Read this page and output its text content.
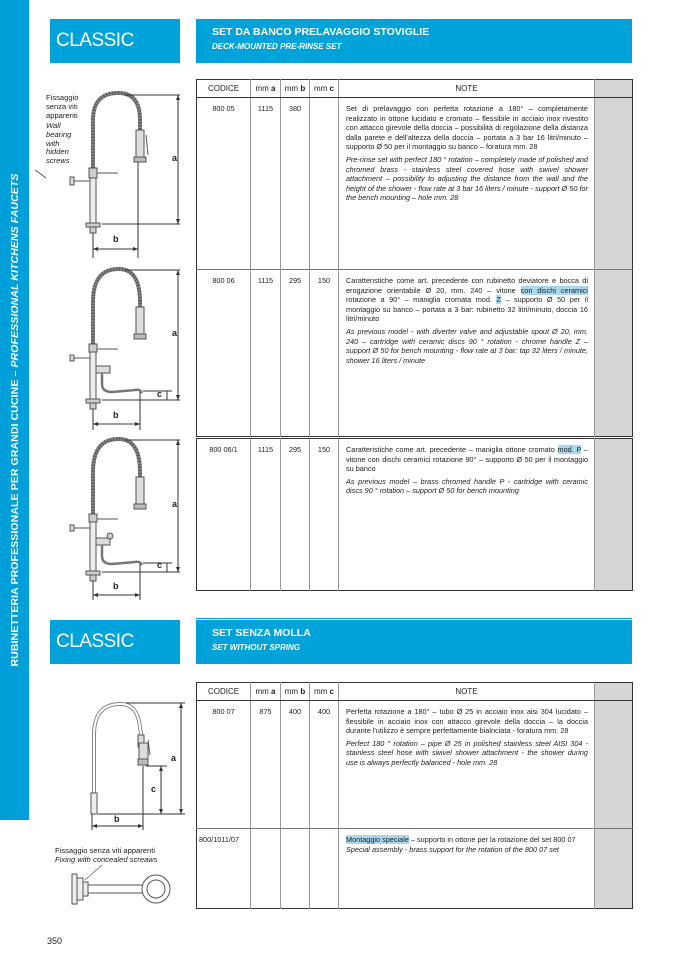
RUBINETTERIA PROFESSIONALE PER GRANDI CUCINE – PROFESSIONAL KITCHENS FAUCETS
CLASSIC	SET DA BANCO PRELAVAGGIO STOVIGLIE
DECK-MOUNTED PRE-RINSE SET
CODICE	mm a	mm b	mm c	NOTE	
800 05	1115	380		Set di prelavaggio con perfetta rotazione a 180° – completamente realizzato in ottone lucidato e cromato – flessibile in acciaio inox rivestito con attacco girevole della doccia – possibilità di regolazione della distanza dalla parete e dell'altezza della doccia – portata a 3 bar 16 litri/minuto – supporto Ø 50 per il montaggio su banco – foratura mm. 28

Pre-rinse set with perfect 180 ° rotation – completely made of polished and chromed brass - stainless steel covered hose with swivel shower attachment – possibility to adjusting the distance from the wall and the height of the shower - flow rate at 3 bar 16 liters / minute - support Ø 50 for the bench mounting – hole mm. 28	

800 06	1115	295	150	Caratteristiche come art. precedente con rubinetto deviatore e bocca di erogazione orientabile Ø 20, mm. 240 – vitone con dischi ceramici rotazione a 90° – maniglia cromata mod. Z – supporto Ø 50 per il montaggio su banco – portata a 3 bar: rubinetto 32 litri/minuto, doccia 16 litri/minuto

As previous model - with diverter valve and adjustable spout Ø 20, mm. 240 – cartridge with ceramic discs 90 ° rotation - chrome handle Z – support Ø 50 for bench mounting - flow rate at 3 bar: tap 32 liters / minute, shower 16 liters / minute	

800 06/1	1115	295	150	Caratteristiche come art. precedente – maniglia ottone cromato mod. P – vitone con dischi ceramici rotazione 90° – supporto Ø 50 per il montaggio su banco

As previous model – brass chromed handle P - cartridge with ceramic discs 90 ° rotation – support Ø 50 for bench mounting

CLASSIC	SET SENZA MOLLA
SET WITHOUT SPRING
CODICE	mm a	mm b	mm c	NOTE	
800 07	875	400	400	Perfetta rotazione a 180° – tubo Ø 25 in acciaio inox aisi 304 lucidato – flessibile in acciaio inox con attacco girevole della doccia – la doccia durante l'utilizzo è sempre perfettamente bialnciata - foratura mm. 28

Perfect 180 ° rotation – pipe Ø 25 in polished stainless steel AISI 304 - stainless steel hose with swivel shower attachment - the shower during use is always perfectly balanced - hole mm. 28	

800/1011/07				Montaggio speciale – supporto in ottone per la rotazione del set 800 07

Special assembly - brass support for the rotation of the 800 07 set	

Fissaggio
senza viti
apparenti
Wall
bearing
with
hidden
screws	a
b
a
c
b
a
c
b
a
c
b
Fissaggio senza viti apparenti
Fixing with concealed screaws
350
